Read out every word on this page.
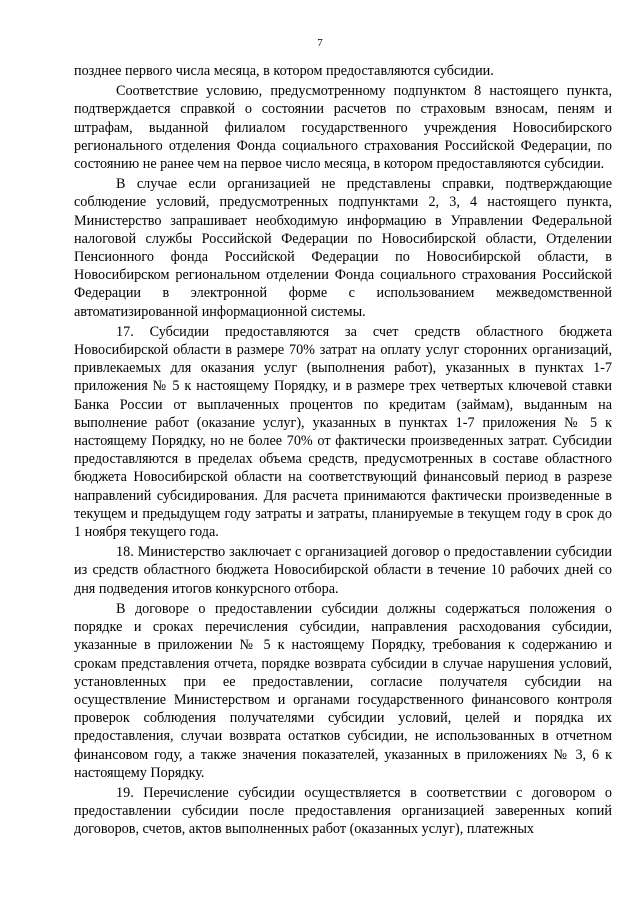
7

позднее первого числа месяца, в котором предоставляются субсидии.

Соответствие условию, предусмотренному подпунктом 8 настоящего пункта, подтверждается справкой о состоянии расчетов по страховым взносам, пеням и штрафам, выданной филиалом государственного учреждения Новосибирского регионального отделения Фонда социального страхования Российской Федерации, по состоянию не ранее чем на первое число месяца, в котором предоставляются субсидии.

В случае если организацией не представлены справки, подтверждающие соблюдение условий, предусмотренных подпунктами 2, 3, 4 настоящего пункта, Министерство запрашивает необходимую информацию в Управлении Федеральной налоговой службы Российской Федерации по Новосибирской области, Отделении Пенсионного фонда Российской Федерации по Новосибирской области, в Новосибирском региональном отделении Фонда социального страхования Российской Федерации в электронной форме с использованием межведомственной автоматизированной информационной системы.

17. Субсидии предоставляются за счет средств областного бюджета Новосибирской области в размере 70% затрат на оплату услуг сторонних организаций, привлекаемых для оказания услуг (выполнения работ), указанных в пунктах 1-7 приложения № 5 к настоящему Порядку, и в размере трех четвертых ключевой ставки Банка России от выплаченных процентов по кредитам (займам), выданным на выполнение работ (оказание услуг), указанных в пунктах 1-7 приложения № 5 к настоящему Порядку, но не более 70% от фактически произведенных затрат. Субсидии предоставляются в пределах объема средств, предусмотренных в составе областного бюджета Новосибирской области на соответствующий финансовый период в разрезе направлений субсидирования. Для расчета принимаются фактически произведенные в текущем и предыдущем году затраты и затраты, планируемые в текущем году в срок до 1 ноября текущего года.

18. Министерство заключает с организацией договор о предоставлении субсидии из средств областного бюджета Новосибирской области в течение 10 рабочих дней со дня подведения итогов конкурсного отбора.

В договоре о предоставлении субсидии должны содержаться положения о порядке и сроках перечисления субсидии, направления расходования субсидии, указанные в приложении № 5 к настоящему Порядку, требования к содержанию и срокам представления отчета, порядке возврата субсидии в случае нарушения условий, установленных при ее предоставлении, согласие получателя субсидии на осуществление Министерством и органами государственного финансового контроля проверок соблюдения получателями субсидии условий, целей и порядка их предоставления, случаи возврата остатков субсидии, не использованных в отчетном финансовом году, а также значения показателей, указанных в приложениях № 3, 6 к настоящему Порядку.

19. Перечисление субсидии осуществляется в соответствии с договором о предоставлении субсидии после предоставления организацией заверенных копий договоров, счетов, актов выполненных работ (оказанных услуг), платежных
